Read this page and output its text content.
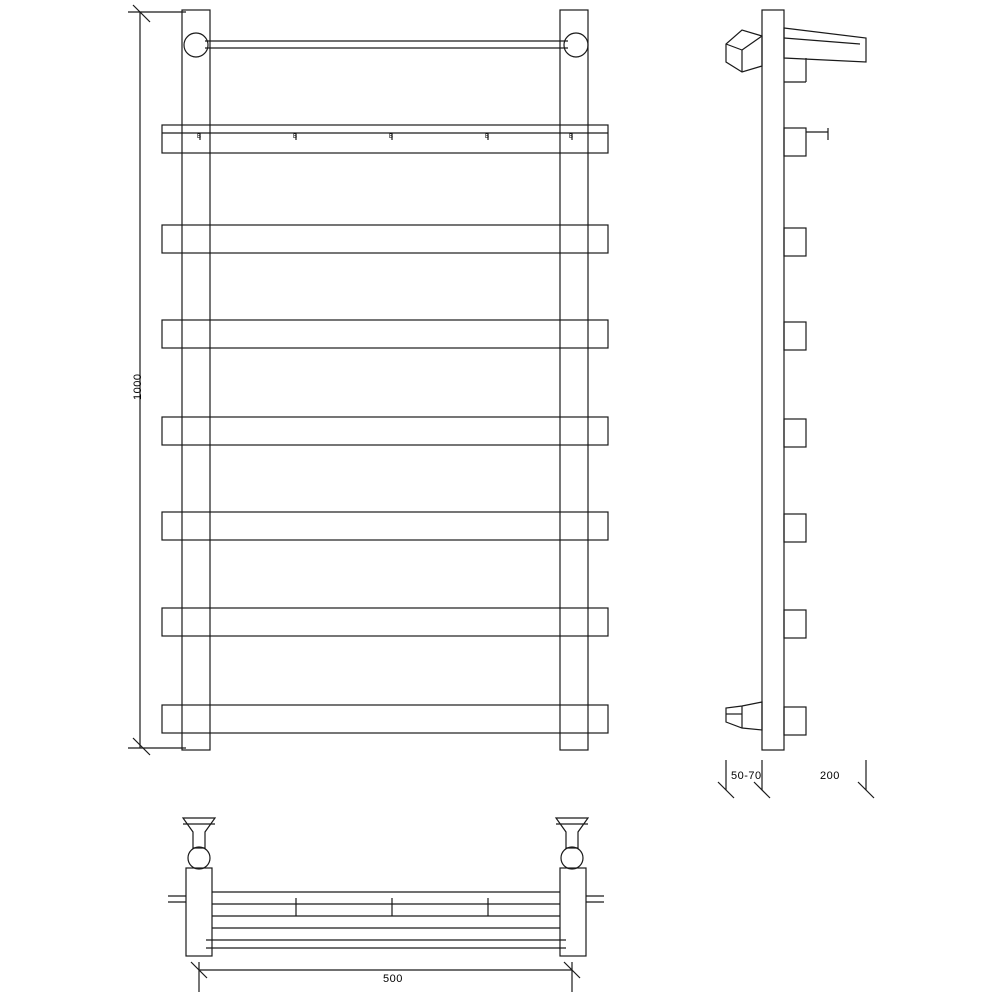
1000
500
50-70	200
B	B	B	B	B
